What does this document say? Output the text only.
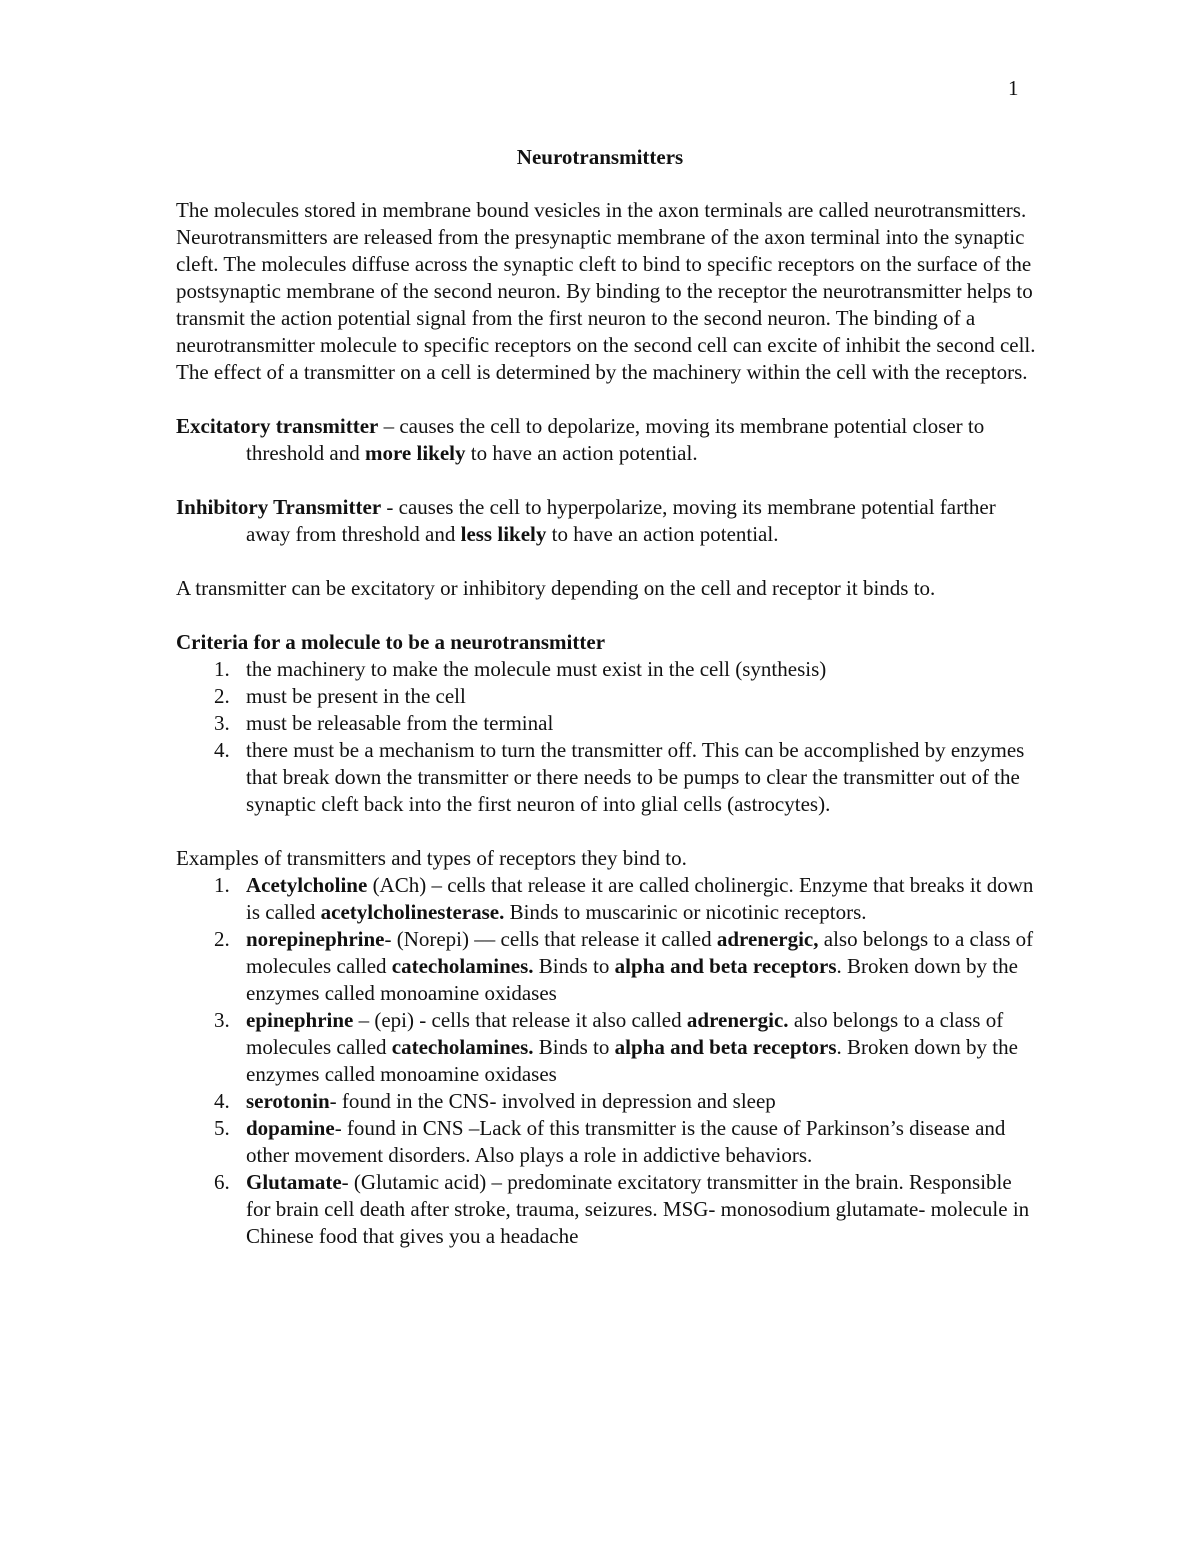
1
Neurotransmitters

The molecules stored in membrane bound vesicles in the axon terminals are called neurotransmitters. Neurotransmitters are released from the presynaptic membrane of the axon terminal into the synaptic cleft. The molecules diffuse across the synaptic cleft to bind to specific receptors on the surface of the postsynaptic membrane of the second neuron. By binding to the receptor the neurotransmitter helps to transmit the action potential signal from the first neuron to the second neuron. The binding of a neurotransmitter molecule to specific receptors on the second cell can excite of inhibit the second cell. The effect of a transmitter on a cell is determined by the machinery within the cell with the receptors.

Excitatory transmitter – causes the cell to depolarize, moving its membrane potential closer to threshold and more likely to have an action potential.

Inhibitory Transmitter - causes the cell to hyperpolarize, moving its membrane potential farther away from threshold and less likely to have an action potential.

A transmitter can be excitatory or inhibitory depending on the cell and receptor it binds to.

Criteria for a molecule to be a neurotransmitter

1. the machinery to make the molecule must exist in the cell (synthesis)
2. must be present in the cell
3. must be releasable from the terminal
4. there must be a mechanism to turn the transmitter off. This can be accomplished by enzymes that break down the transmitter or there needs to be pumps to clear the transmitter out of the synaptic cleft back into the first neuron of into glial cells (astrocytes).

Examples of transmitters and types of receptors they bind to.

1. Acetylcholine (ACh) – cells that release it are called cholinergic. Enzyme that breaks it down is called acetylcholinesterase. Binds to muscarinic or nicotinic receptors.
2. norepinephrine- (Norepi) –– cells that release it called adrenergic, also belongs to a class of molecules called catecholamines. Binds to alpha and beta receptors. Broken down by the enzymes called monoamine oxidases
3. epinephrine – (epi) - cells that release it also called adrenergic. also belongs to a class of molecules called catecholamines. Binds to alpha and beta receptors. Broken down by the enzymes called monoamine oxidases
4. serotonin- found in the CNS- involved in depression and sleep
5. dopamine- found in CNS –Lack of this transmitter is the cause of Parkinson’s disease and other movement disorders. Also plays a role in addictive behaviors.
6. Glutamate- (Glutamic acid) – predominate excitatory transmitter in the brain. Responsible for brain cell death after stroke, trauma, seizures. MSG- monosodium glutamate- molecule in Chinese food that gives you a headache
